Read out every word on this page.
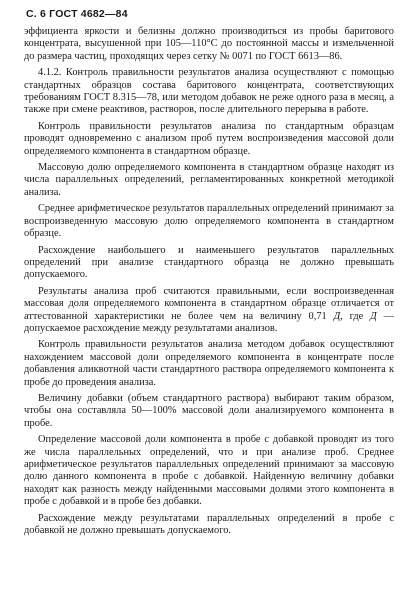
С. 6 ГОСТ 4682—84

эффициента яркости и белизны должно производиться из пробы баритового концентрата, высушенной при 105—110°С до постоянной массы и измельченной до размера частиц, проходящих через сетку № 0071 по ГОСТ 6613—86.

4.1.2. Контроль правильности результатов анализа осуществляют с помощью стандартных образцов состава баритового концентрата, соответствующих требованиям ГОСТ 8.315—78, или методом добавок не реже одного раза в месяц, а также при смене реактивов, растворов, после длительного перерыва в работе.

Контроль правильности результатов анализа по стандартным образцам проводят одновременно с анализом проб путем воспроизведения массовой доли определяемого компонента в стандартном образце.

Массовую долю определяемого компонента в стандартном образце находят из числа параллельных определений, регламентированных конкретной методикой анализа.

Среднее арифметическое результатов параллельных определений принимают за воспроизведенную массовую долю определяемого компонента в стандартном образце.

Расхождение наибольшего и наименьшего результатов параллельных определений при анализе стандартного образца не должно превышать допускаемого.

Результаты анализа проб считаются правильными, если воспроизведенная массовая доля определяемого компонента в стандартном образце отличается от аттестованной характеристики не более чем на величину 0,71 Д, где Д — допускаемое расхождение между результатами анализов.

Контроль правильности результатов анализа методом добавок осуществляют нахождением массовой доли определяемого компонента в концентрате после добавления аликвотной части стандартного раствора определяемого компонента к пробе до проведения анализа.

Величину добавки (объем стандартного раствора) выбирают таким образом, чтобы она составляла 50—100% массовой доли анализируемого компонента в пробе.

Определение массовой доли компонента в пробе с добавкой проводят из того же числа параллельных определений, что и при анализе проб. Среднее арифметическое результатов параллельных определений принимают за массовую долю данного компонента в пробе с добавкой. Найденную величину добавки находят как разность между найденными массовыми долями этого компонента в пробе с добавкой и в пробе без добавки.

Расхождение между результатами параллельных определений в пробе с добавкой не должно превышать допускаемого.
